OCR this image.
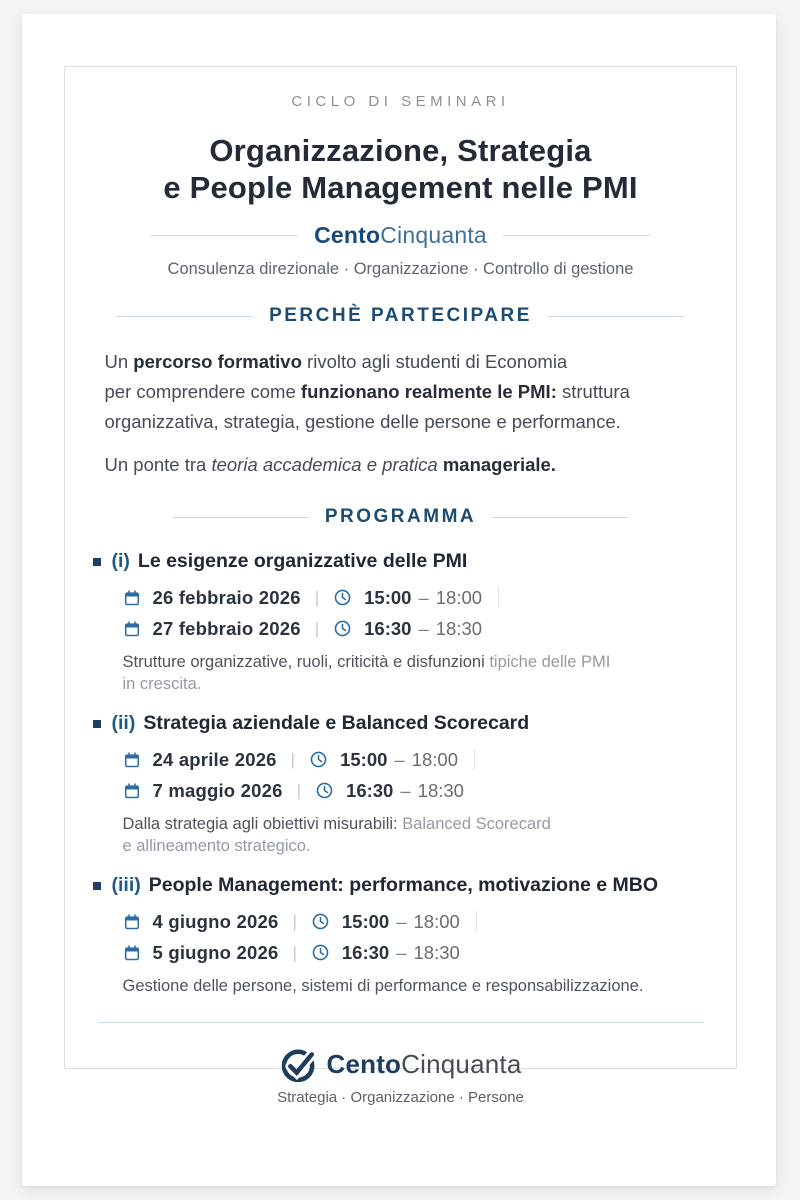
CICLO DI SEMINARI
Organizzazione, Strategia
e People Management nelle PMI
CentoCinquanta
Consulenza direzionale · Organizzazione · Controllo di gestione
PERCHÈ PARTECIPARE

Un percorso formativo rivolto agli studenti di Economia
per comprendere come funzionano realmente le PMI: struttura
organizzativa, strategia, gestione delle persone e performance.

Un ponte tra teoria accademica e pratica manageriale.

PROGRAMMA
(i) Le esigenze organizzative delle PMI
26 febbraio 2026 | 15:00 – 18:00
27 febbraio 2026 | 16:30 – 18:30
Strutture organizzative, ruoli, criticità e disfunzioni tipiche delle PMI
in crescita.
(ii) Strategia aziendale e Balanced Scorecard
24 aprile 2026 | 15:00 – 18:00
7 maggio 2026 | 16:30 – 18:30
Dalla strategia agli obiettivi misurabili: Balanced Scorecard
e allineamento strategico.
(iii) People Management: performance, motivazione e MBO
4 giugno 2026 | 15:00 – 18:00
5 giugno 2026 | 16:30 – 18:30
Gestione delle persone, sistemi di performance e responsabilizzazione.
CentoCinquanta
Strategia · Organizzazione · Persone
